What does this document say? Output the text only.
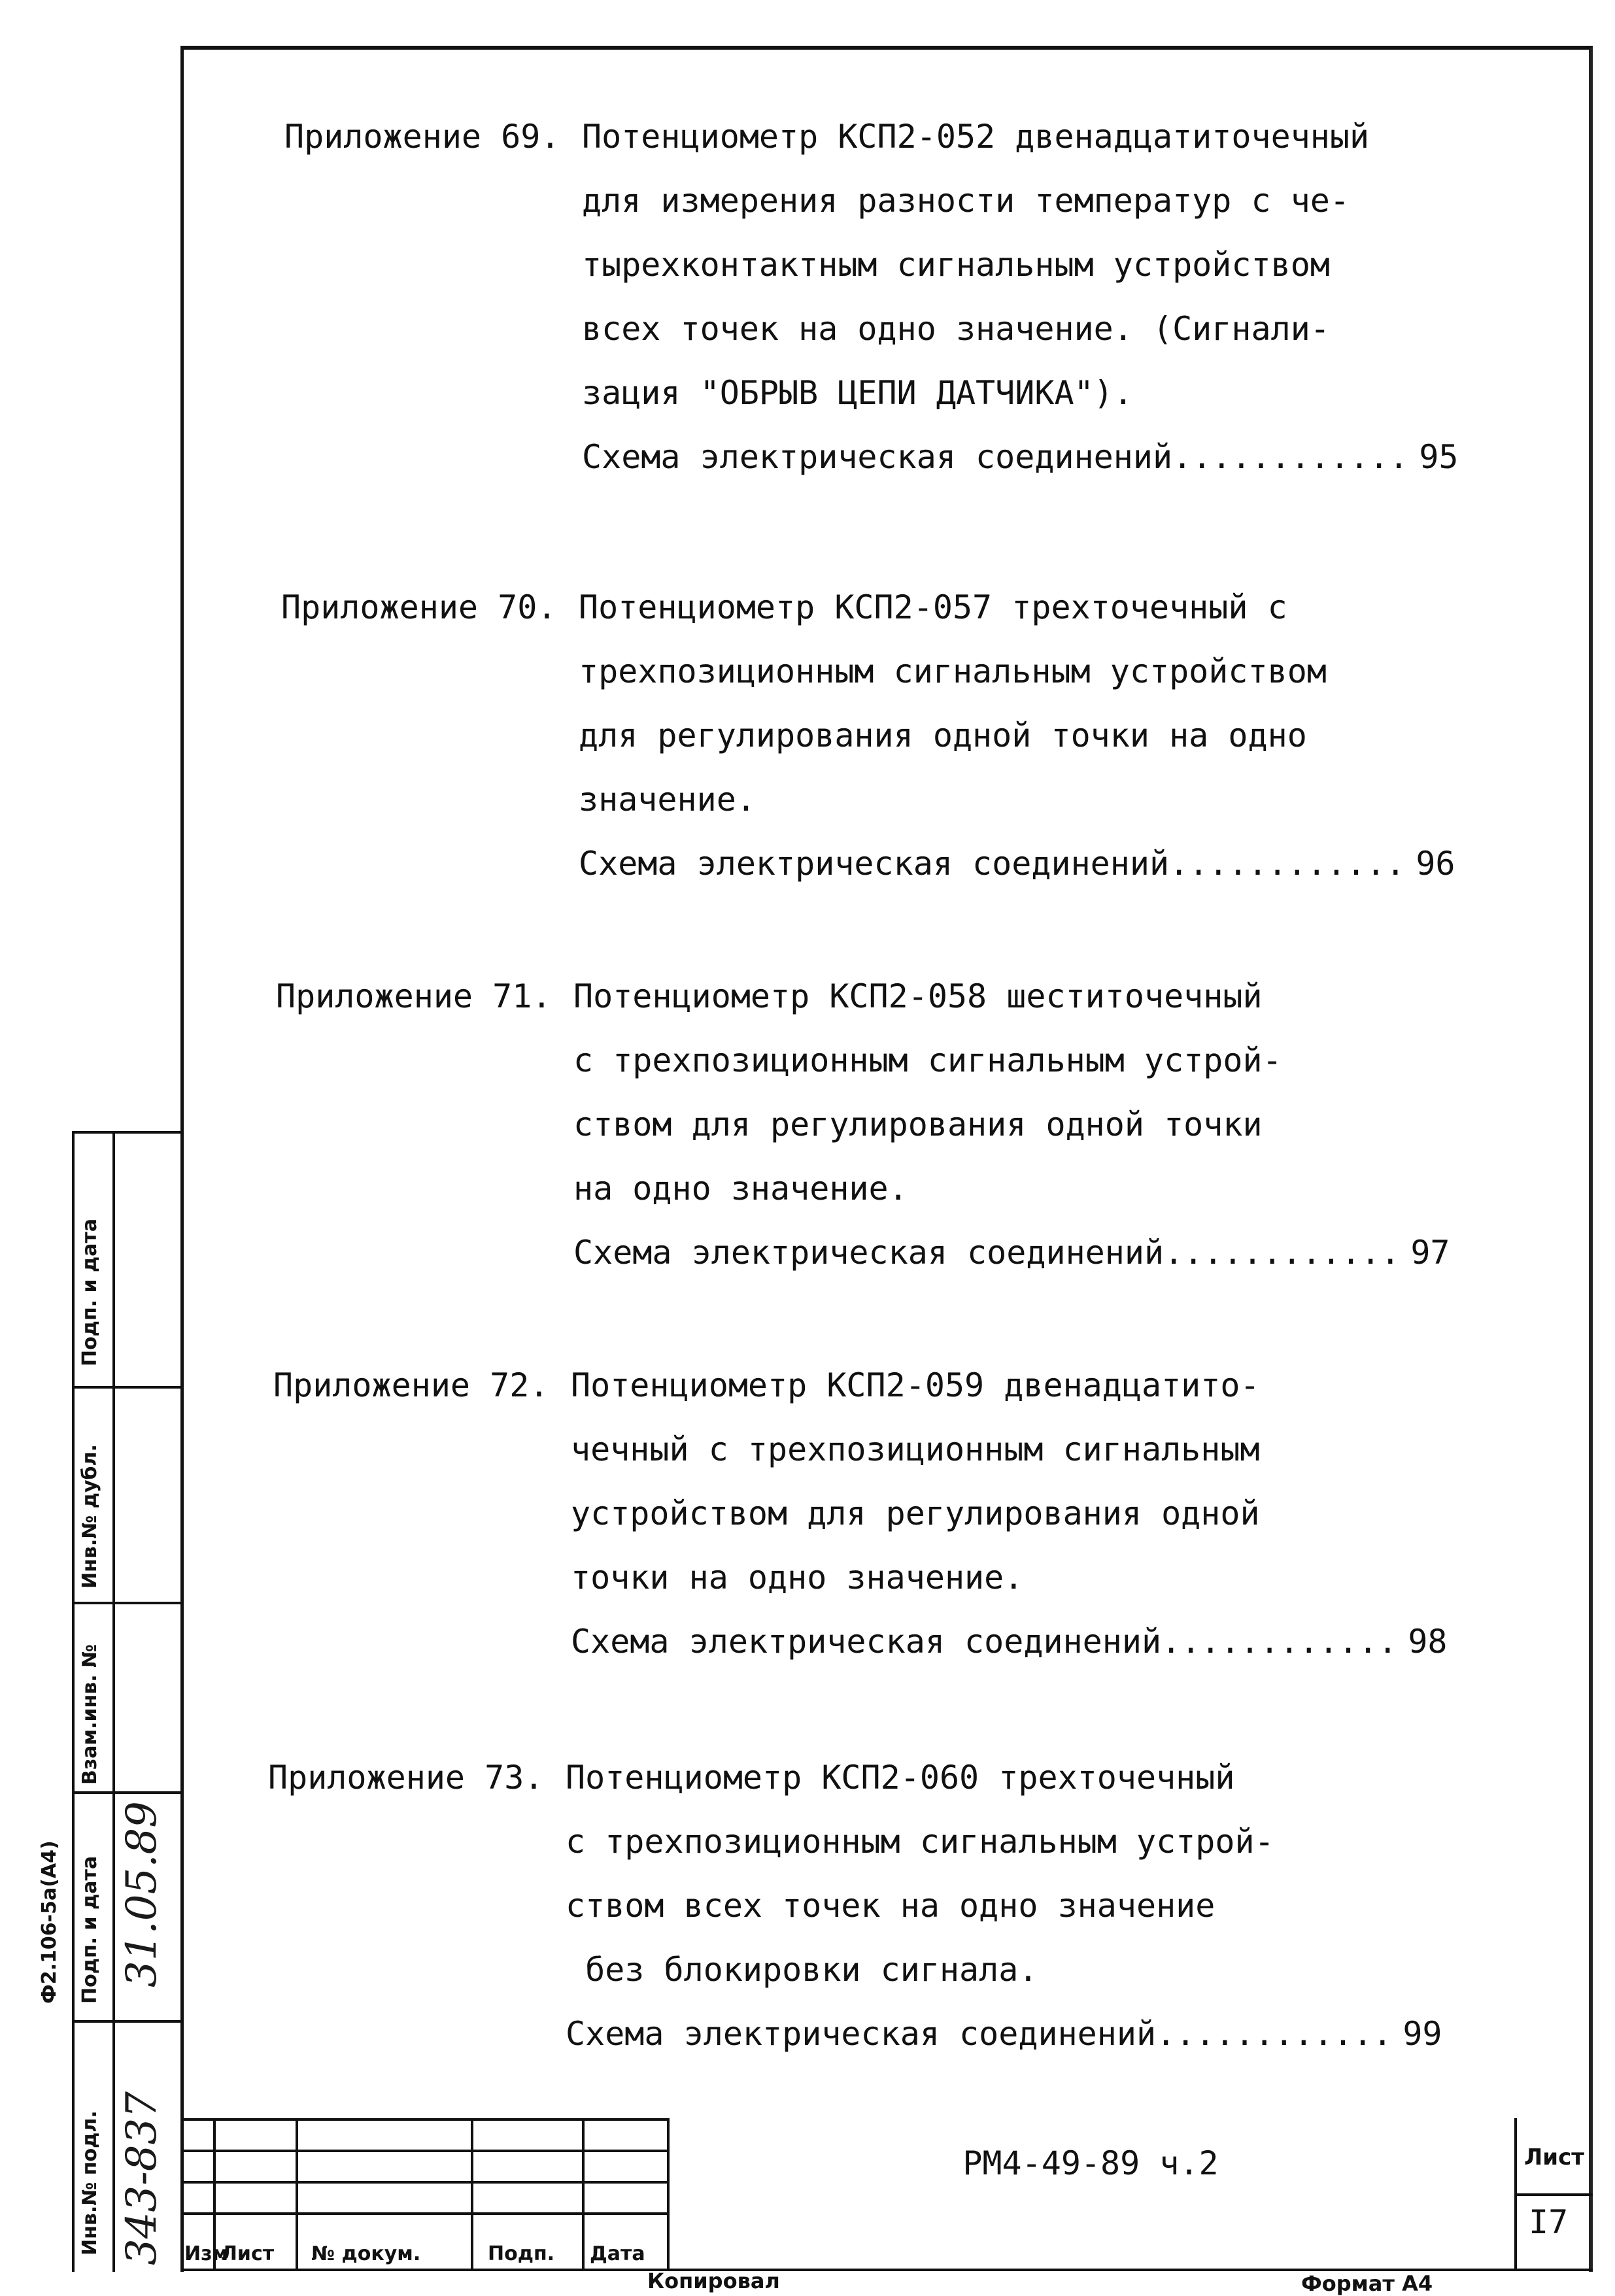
Приложение 69. Потенциометр КСП2-052 двенадцатиточечный
для измерения разности температур с че-
тырехконтактным сигнальным устройством
всех точек на одно значение. (Сигнали-
зация "ОБРЫВ ЦЕПИ ДАТЧИКА").
Схема электрическая соединений ............ 95
Приложение 70. Потенциометр КСП2-057 трехточечный с
трехпозиционным сигнальным устройством
для регулирования одной точки на одно
значение.
Схема электрическая соединений ............ 96
Приложение 71. Потенциометр КСП2-058 шеститочечный
с трехпозиционным сигнальным устрой-
ством для регулирования одной точки
на одно значение.
Схема электрическая соединений ............ 97
Приложение 72. Потенциометр КСП2-059 двенадцатито-
чечный с трехпозиционным сигнальным
устройством для регулирования одной
точки на одно значение.
Схема электрическая соединений ............ 98
Приложение 73. Потенциометр КСП2-060 трехточечный
с трехпозиционным сигнальным устрой-
ством всех точек на одно значение
без блокировки сигнала.
Схема электрическая соединений ............ 99
Подп. и дата
Инв.№ дубл.
Взам.инв. №
Подп. и дата
Инв.№ подл.
Ф2.106-5а(А4) 31.05.89
343-837 Изм
Лист № докум.	Подп. Дата
РМ4-49-89 ч.2	Лист
I7
Копировал	Формат А4
